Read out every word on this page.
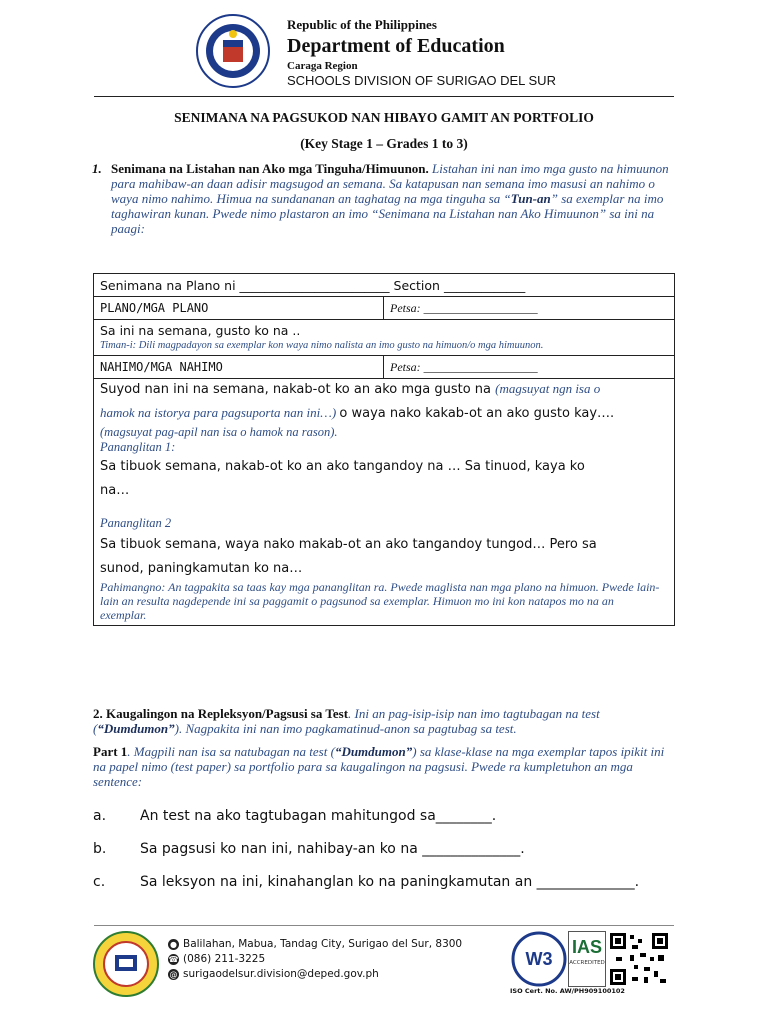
Republic of the Philippines
Department of Education
Caraga Region
SCHOOLS DIVISION OF SURIGAO DEL SUR
SENIMANA NA PAGSUKOD NAN HIBAYO GAMIT AN PORTFOLIO
(Key Stage 1 – Grades 1 to 3)
1. Senimana na Listahan nan Ako mga Tinguha/Himuunon. Listahan ini nan imo mga gusto na himuunon para mahibaw-an daan adisir magsugod an semana. Sa katapusan nan semana imo masusi an nahimo o waya nimo nahimo. Himua na sundananan an taghatag na mga tinguha sa “Tun-an” sa exemplar na imo taghawiran kunan. Pwede nimo plastaron an imo “Senimana na Listahan nan Ako Himuunon” sa ini na paagi:
Senimana na Plano ni ________________________ Section _____________
PLANO/MGA PLANO	Petsa: ___________________
Sa ini na semana, gusto ko na ..
Timan-i: Dili magpadayon sa exemplar kon waya nimo nalista an imo gusto na himuon/o mga himuunon.
NAHIMO/MGA NAHIMO	Petsa: ___________________
Suyod nan ini na semana, nakab-ot ko an ako mga gusto na (magsuyat ngn isa o
hamok na istorya para pagsuporta nan ini…) o waya nako kakab-ot an ako gusto kay….
(magsuyat pag-apil nan isa o hamok na rason).
Pananglitan 1:
Sa tibuok semana, nakab-ot ko an ako tangandoy na … Sa tinuod, kaya ko
na…
Pananglitan 2
Sa tibuok semana, waya nako makab-ot an ako tangandoy tungod… Pero sa
sunod, paningkamutan ko na…
Pahimangno: An tagpakita sa taas kay mga pananglitan ra. Pwede maglista nan mga plano na himuon. Pwede lain-lain an resulta nagdepende ini sa paggamit o pagsunod sa exemplar. Himuon mo ini kon natapos mo na an exemplar.
2. Kaugalingon na Repleksyon/Pagsusi sa Test. Ini an pag-isip-isip nan imo tagtubagan na test (“Dumdumon”). Nagpakita ini nan imo pagkamatinud-anon sa pagtubag sa test.
Part 1. Magpili nan isa sa natubagan na test (“Dumdumon”) sa klase-klase na mga exemplar tapos ipikit ini na papel nimo (test paper) sa portfolio para sa kaugalingon na pagsusi. Pwede ra kumpletuhon an mga sentence:
a. An test na ako tagtubagan mahitungod sa________.
b. Sa pagsusi ko nan ini, nahibay-an ko na ______________.
c. Sa leksyon na ini, kinahanglan ko na paningkamutan an ______________.
● Balilahan, Mabua, Tandag City, Surigao del Sur, 8300
☎ (086) 211-3225
@ surigaodelsur.division@deped.gov.ph
W3
IAS
ACCREDITED
ISO Cert. No. AW/PH909100102
